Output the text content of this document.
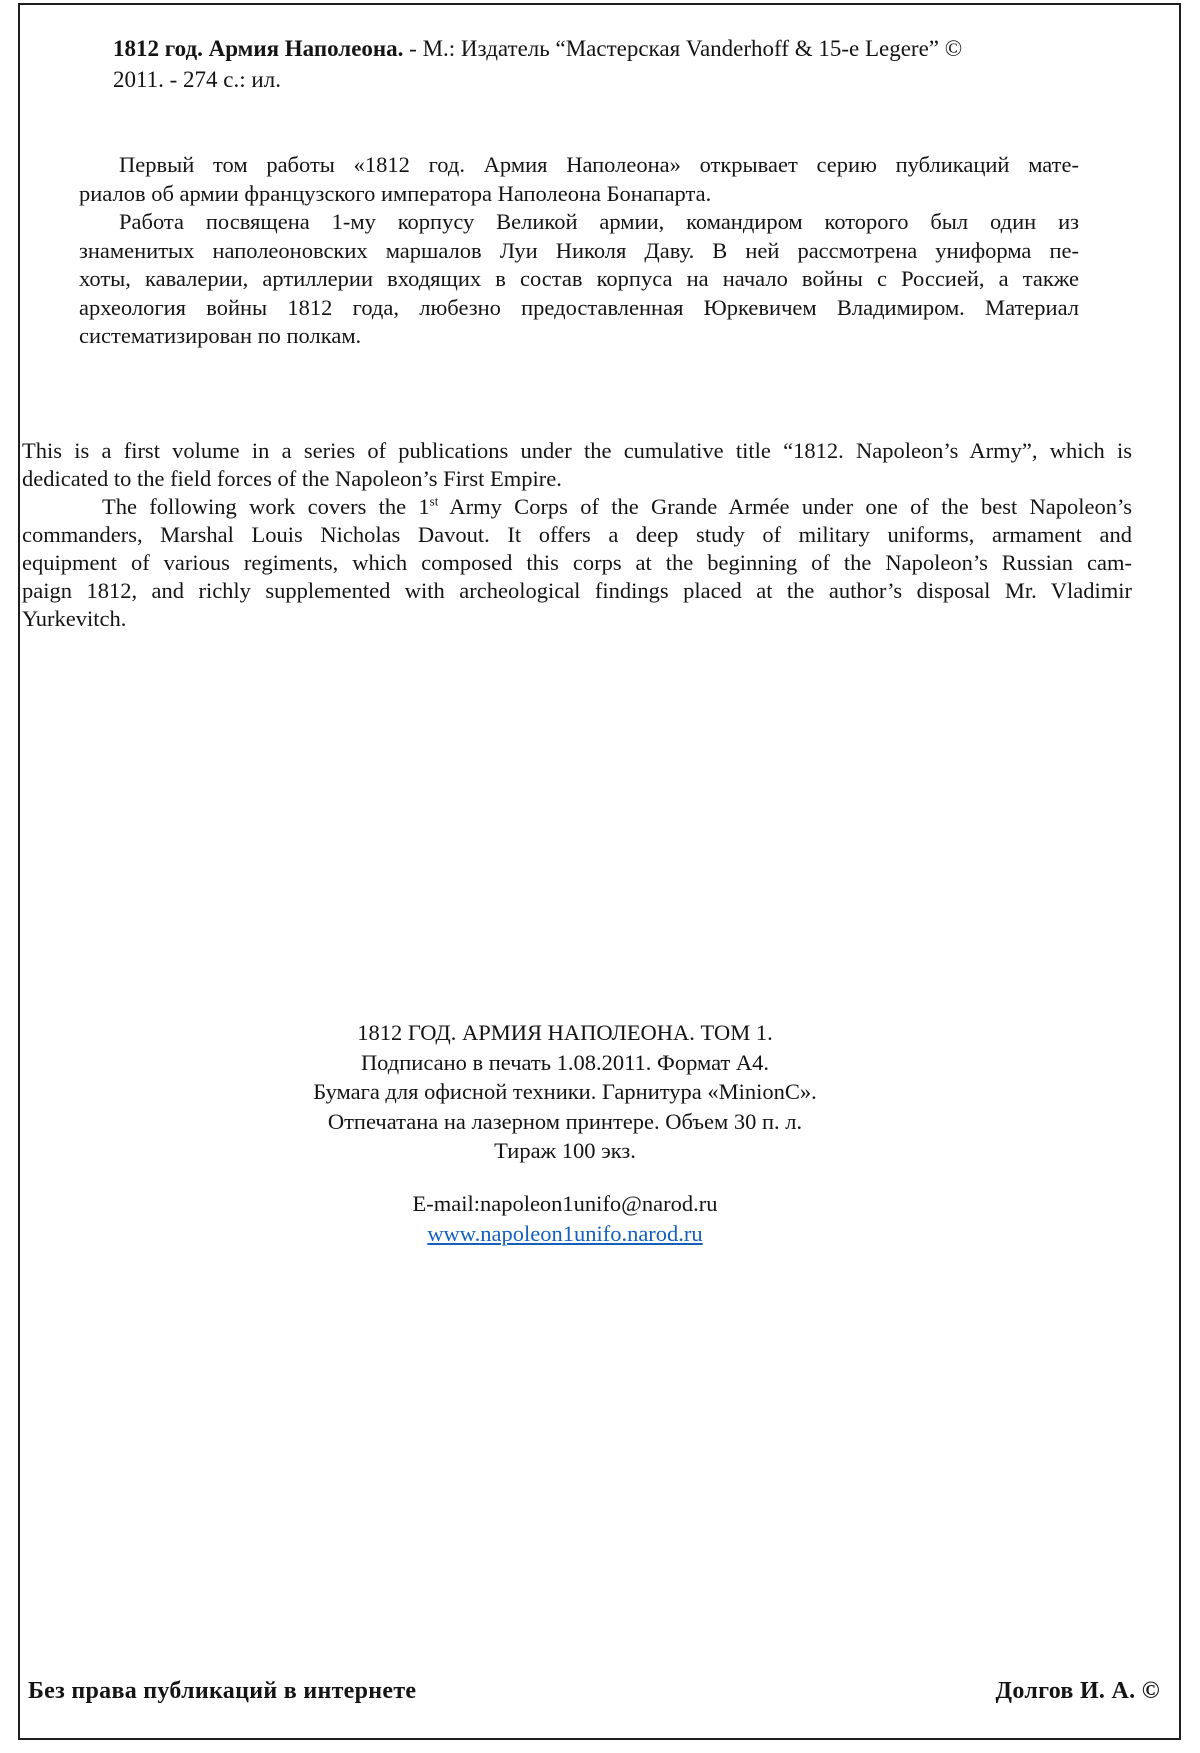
1812 год. Армия Наполеона. - М.: Издатель “Мастерская Vanderhoff & 15-e Legere” ©
2011. - 274 с.: ил.
Первый том работы «1812 год. Армия Наполеона» открывает серию публикаций мате-
риалов об армии французского императора Наполеона Бонапарта.
Работа посвящена 1-му корпусу Великой армии, командиром которого был один из
знаменитых наполеоновских маршалов Луи Николя Даву. В ней рассмотрена униформа пе-
хоты, кавалерии, артиллерии входящих в состав корпуса на начало войны с Россией, а также
археология войны 1812 года, любезно предоставленная Юркевичем Владимиром. Материал
систематизирован по полкам.
This is a first volume in a series of publications under the cumulative title “1812. Napoleon’s Army”, which is
dedicated to the field forces of the Napoleon’s First Empire.
The following work covers the 1st Army Corps of the Grande Armée under one of the best Napoleon’s
commanders, Marshal Louis Nicholas Davout. It offers a deep study of military uniforms, armament and
equipment of various regiments, which composed this corps at the beginning of the Napoleon’s Russian cam-
paign 1812, and richly supplemented with archeological findings placed at the author’s disposal Mr. Vladimir
Yurkevitch.
1812 ГОД. АРМИЯ НАПОЛЕОНА. ТОМ 1.
Подписано в печать 1.08.2011. Формат А4.
Бумага для офисной техники. Гарнитура «MinionC».
Отпечатана на лазерном принтере. Объем 30 п. л.
Тираж 100 экз.
E-mail:napoleon1unifo@narod.ru
www.napoleon1unifo.narod.ru
Без права публикаций в интернете	Долгов И. А. ©
